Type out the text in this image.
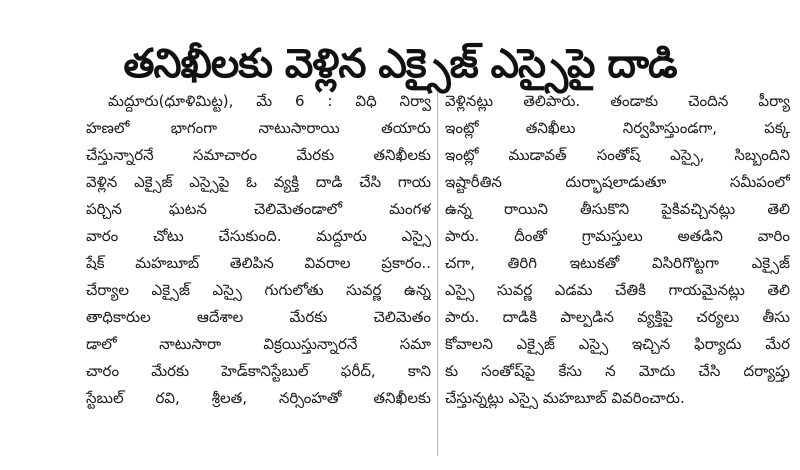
తనిఖీలకు వెళ్లిన ఎక్సైజ్ ఎస్సైపై దాడి
మద్దూరు(ధూళిమిట్ట), మే 6 : విధి నిర్వా
హణలో భాగంగా నాటుసారాయి తయారు
చేస్తున్నారనే సమాచారం మేరకు తనిఖీలకు
వెళ్లిన ఎక్సైజ్ ఎస్సైపై ఓ వ్యక్తి దాడి చేసి గాయ
పర్చిన ఘటన చెలిమెతండాలో మంగళ
వారం చోటు చేసుకుంది. మద్దూరు ఎస్సై
షేక్ మహబూబ్ తెలిపిన వివరాల ప్రకారం..
చేర్యాల ఎక్సైజ్ ఎస్సై గుగులోతు సువర్ణ ఉన్న
తాధికారుల ఆదేశాల మేరకు చెలిమెతం
డాలో నాటుసారా విక్రయిస్తున్నారనే సమా
చారం మేరకు హెడ్‌కానిస్టేబుల్ ఫరీద్, కాని
స్టేబుల్ రవి, శ్రీలత, నర్సింహతో తనిఖీలకు
వెళ్లినట్లు తెలిపారు. తండాకు చెందిన పీర్యా
ఇంట్లో తనిఖీలు నిర్వహిస్తుండగా, పక్క
ఇంట్లో ముడావత్ సంతోష్ ఎస్సై, సిబ్బందిని
ఇష్టారీతిన దుర్భాషలాడుతూ సమీపంలో
ఉన్న రాయిని తీసుకొని పైకివచ్చినట్లు తెలి
పారు. దీంతో గ్రామస్తులు అతడిని వారిం
చగా, తిరిగి ఇటుకతో విసిరిగొట్టగా ఎక్సైజ్
ఎస్సై సువర్ణ ఎడమ చేతికి గాయమైనట్లు తెలి
పారు. దాడికి పాల్పడిన వ్యక్తిపై చర్యలు తీసు
కోవాలని ఎక్సైజ్ ఎస్సై ఇచ్చిన ఫిర్యాదు మేర
కు సంతోష్‌పై కేసు న మోదు చేసి దర్యాప్తు
చేస్తున్నట్లు ఎస్సై మహబూబ్ వివరించారు.
